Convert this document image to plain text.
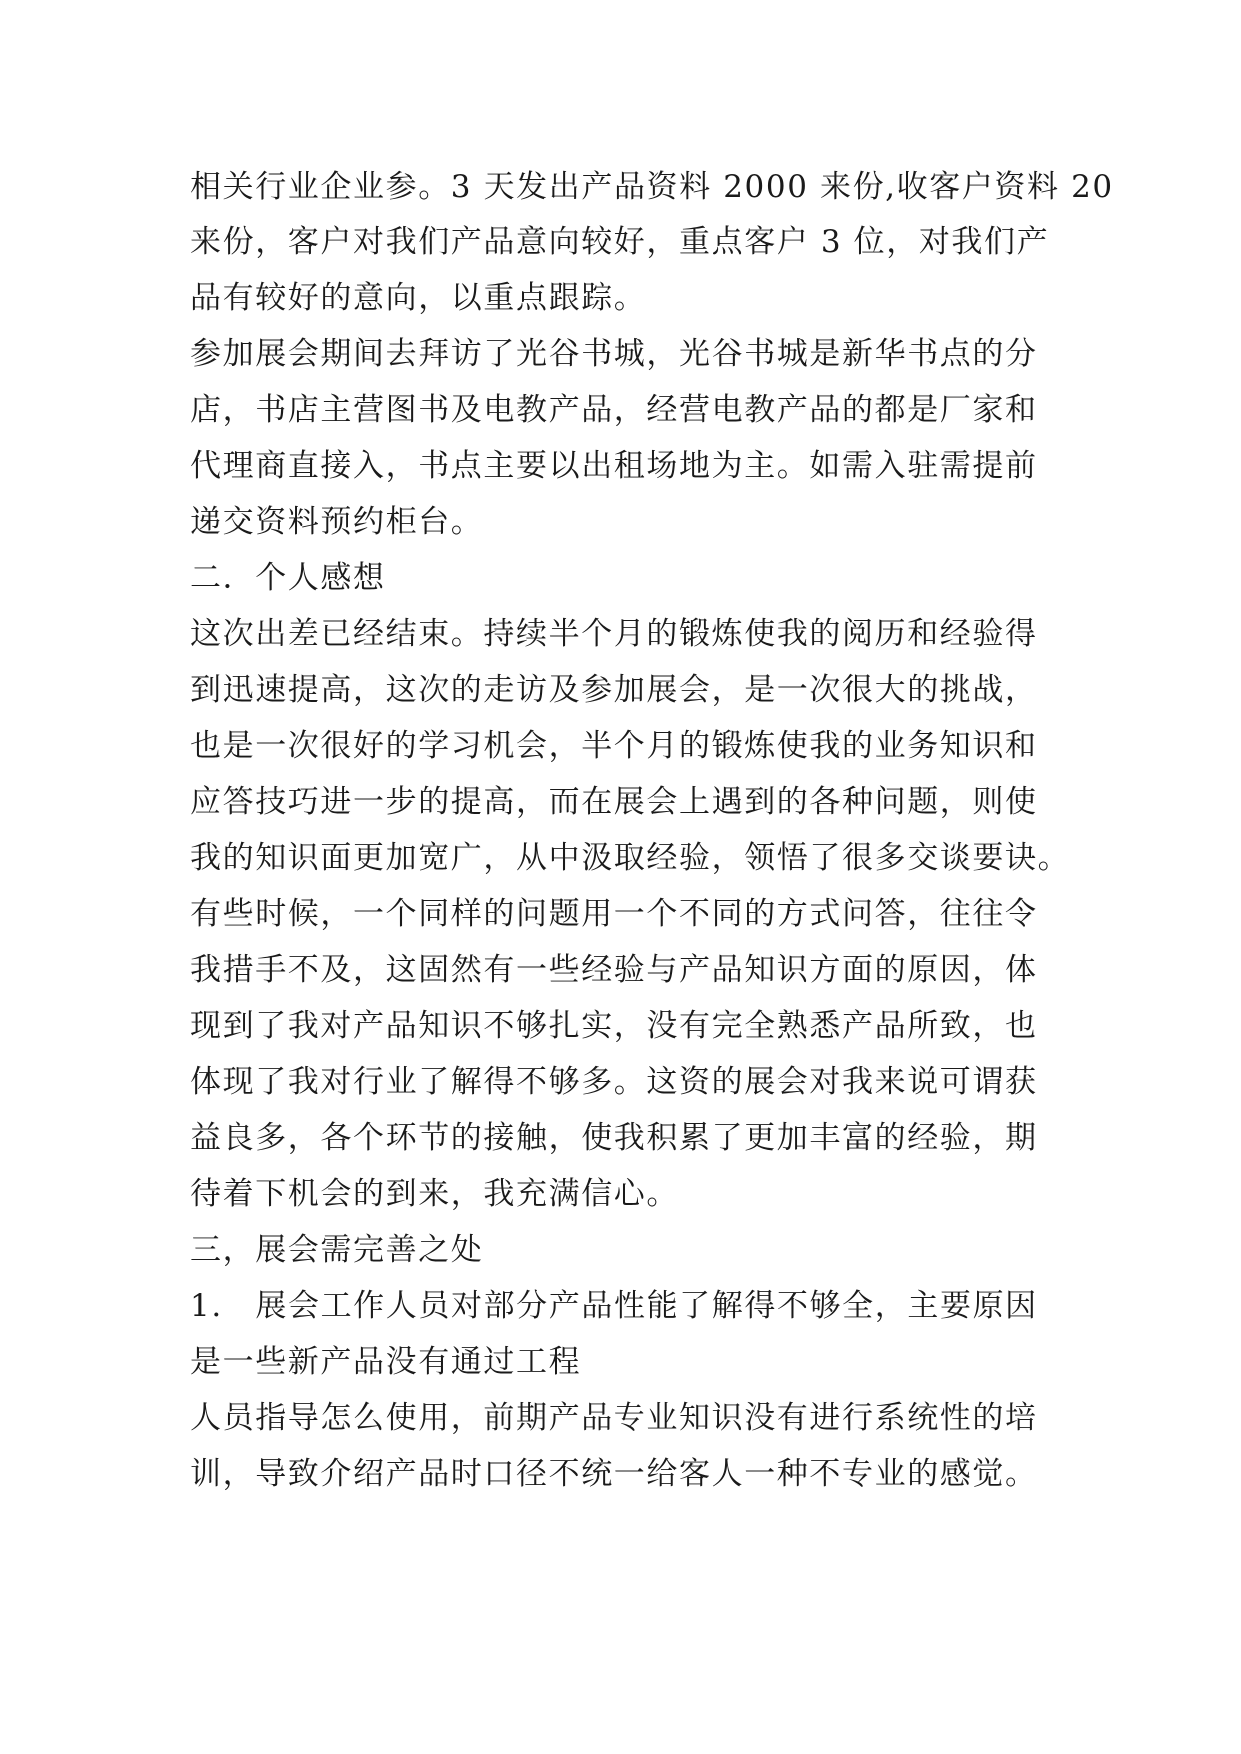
相关行业企业参。3 天发出产品资料 2000 来份,收客户资料 20
来份，客户对我们产品意向较好，重点客户 3 位，对我们产
品有较好的意向，以重点跟踪。
参加展会期间去拜访了光谷书城，光谷书城是新华书点的分
店，书店主营图书及电教产品，经营电教产品的都是厂家和
代理商直接入，书点主要以出租场地为主。如需入驻需提前
递交资料预约柜台。
二．个人感想
这次出差已经结束。持续半个月的锻炼使我的阅历和经验得
到迅速提高，这次的走访及参加展会，是一次很大的挑战，
也是一次很好的学习机会，半个月的锻炼使我的业务知识和
应答技巧进一步的提高，而在展会上遇到的各种问题，则使
我的知识面更加宽广，从中汲取经验，领悟了很多交谈要诀。
有些时候，一个同样的问题用一个不同的方式问答，往往令
我措手不及，这固然有一些经验与产品知识方面的原因，体
现到了我对产品知识不够扎实，没有完全熟悉产品所致，也
体现了我对行业了解得不够多。这资的展会对我来说可谓获
益良多，各个环节的接触，使我积累了更加丰富的经验，期
待着下机会的到来，我充满信心。
三，展会需完善之处
1.　展会工作人员对部分产品性能了解得不够全，主要原因
是一些新产品没有通过工程
人员指导怎么使用，前期产品专业知识没有进行系统性的培
训，导致介绍产品时口径不统一给客人一种不专业的感觉。
